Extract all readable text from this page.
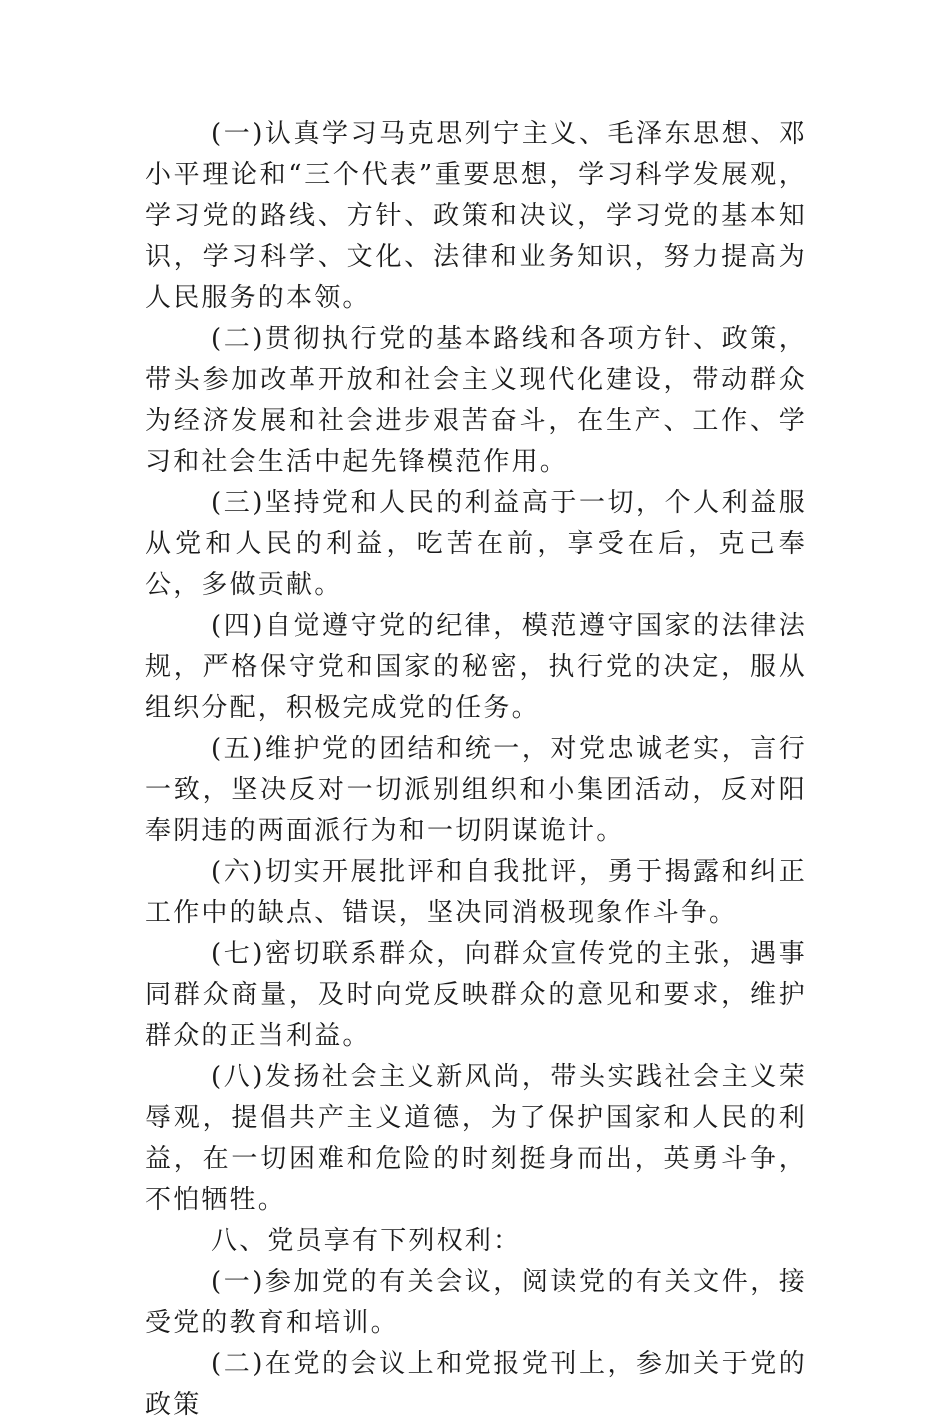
(一)认真学习马克思列宁主义、毛泽东思想、邓小平理论和“三个代表”重要思想，学习科学发展观，学习党的路线、方针、政策和决议，学习党的基本知识，学习科学、文化、法律和业务知识，努力提高为人民服务的本领。

(二)贯彻执行党的基本路线和各项方针、政策，带头参加改革开放和社会主义现代化建设，带动群众为经济发展和社会进步艰苦奋斗，在生产、工作、学习和社会生活中起先锋模范作用。

(三)坚持党和人民的利益高于一切，个人利益服从党和人民的利益，吃苦在前，享受在后，克己奉公，多做贡献。

(四)自觉遵守党的纪律，模范遵守国家的法律法规，严格保守党和国家的秘密，执行党的决定，服从组织分配，积极完成党的任务。

(五)维护党的团结和统一，对党忠诚老实，言行一致，坚决反对一切派别组织和小集团活动，反对阳奉阴违的两面派行为和一切阴谋诡计。

(六)切实开展批评和自我批评，勇于揭露和纠正工作中的缺点、错误，坚决同消极现象作斗争。

(七)密切联系群众，向群众宣传党的主张，遇事同群众商量，及时向党反映群众的意见和要求，维护群众的正当利益。

(八)发扬社会主义新风尚，带头实践社会主义荣辱观，提倡共产主义道德，为了保护国家和人民的利益，在一切困难和危险的时刻挺身而出，英勇斗争，不怕牺牲。

八、党员享有下列权利：

(一)参加党的有关会议，阅读党的有关文件，接受党的教育和培训。

(二)在党的会议上和党报党刊上，参加关于党的政策
